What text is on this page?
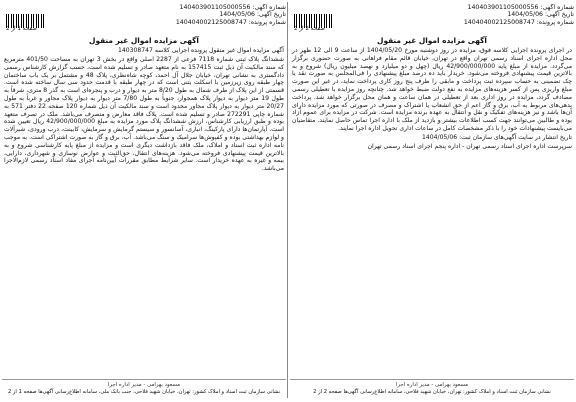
شماره آگهی: 140403901105000556
تاریخ آگهی: 1404/05/06
شماره پرونده: 140404002125008747
صفحه 1 از 2
آگهی مزایده اموال غیر منقول
آگهی مزایده اموال غیر منقول پرونده اجرایی کلاسه 140308747
ششدانگ پلاک ثبتی شماره 7118 فرعی از 2287 اصلی واقع در بخش 3 تهران به مساحت 401/50 مترمربع که سند مالکیت آن ذیل ثبت 157415 به نام متعهد صادر و تسلیم شده است، حسب گزارش کارشناس رسمی دادگستری به نشانی تهران، خیابان جلال آل احمد، کوچه شاه‌نظری، پلاک 48 و مشتمل بر یک باب ساختمان چهار طبقه روی زیرزمین با اسکلت بتنی است که در چهار طبقه با قدمت حدود سی سال ساخته شده است. قسمتی از این پلاک از طرف شمال به طول 8/20 متر به دیوار و درب و پنجره‌ای است به گذر 8 متری، شرقاً به طول 19 متر دیوار به دیوار پلاک همجوار، جنوباً به طول 7/80 متر دیوار به دیوار پلاک مجاور و غرباً به طول 20/27 متر دیوار به دیوار پلاک مجاور محدود است و سند مالکیت آن ذیل شماره 120 صفحه 22 دفتر 571 به شماره چاپی 272291 صادر و تسلیم شده است. پلاک فاقد معارض و متصرف می‌باشد. ملک در تصرف متعهد بوده و طبق ارزیابی کارشناس، ارزش ششدانگ پلاک مورد مزایده به مبلغ 42/900/000/000 ریال تعیین شده است. آپارتمان‌ها دارای پارکینگ، انباری، آسانسور و سیستم گرمایش و سرمایش، کابینت، درب ورودی، شیرآلات و لوازم بهداشتی بوده و کفپوش‌ها سرامیک و سنگ می‌باشد. آب، برق و گاز به صورت اشتراکی است. به موجب نامه اداره ثبت اسناد و املاک، ملک فاقد بازداشت دیگری است و مزایده از مبلغ پایه کارشناسی شروع و به بالاترین قیمت پیشنهادی فروخته می‌شود. هزینه‌های انتقال، حق‌الثبت و عوارض نوسازی و شهرداری، دارایی، بیمه و غیره به عهده خریدار است. سایر شرایط مطابق مقررات آیین‌نامه اجرای مفاد اسناد رسمی لازم‌الاجرا می‌باشد.
مسعود بهرامی - مدیر اداره اجرا
نشانی سازمان ثبت اسناد و املاک کشور: تهران، خیابان شهید فلاحی، جنب بانک ملی، سامانه اطلاع‌رسانی آگهی‌ها صفحه 1 از 2
شماره آگهی: 140403901105000556
تاریخ آگهی: 1404/05/06
شماره پرونده: 140404002125008747
صفحه 2 از 2
آگهی مزایده اموال غیر منقول
در اجرای پرونده اجرایی کلاسه فوق، مزایده در روز دوشنبه مورخ 1404/05/20 از ساعت 9 الی 12 ظهر در محل اداره اجرای اسناد رسمی تهران واقع در تهران، خیابان قائم مقام فراهانی به صورت حضوری برگزار می‌گردد. مزایده از مبلغ پایه 42/900/000/000 ریال (چهل و دو میلیارد و نهصد میلیون ریال) شروع و به بالاترین قیمت پیشنهادی فروخته می‌شود. خریدار باید ده درصد مبلغ پیشنهادی را فی‌المجلس به صورت نقد یا چک تضمینی به حساب سپرده ثبت پرداخت و مابقی را ظرف پنج روز کاری پرداخت نماید، در غیر این صورت مبلغ واریزی پس از کسر هزینه‌های مزایده به نفع دولت ضبط خواهد شد. چنانچه روز مزایده با تعطیلی رسمی مصادف گردد، مزایده در روز اداری بعد از تعطیلی در همان ساعت و همان محل برگزار خواهد شد. پرداخت بدهی‌های مربوط به آب، برق و گاز اعم از حق انشعاب یا اشتراک و مصرف در صورتی که مورد مزایده دارای آن‌ها باشد و نیز هزینه‌های تفکیک و نقل و انتقال به عهده برنده مزایده است. شرکت در مزایده برای عموم آزاد بوده و طالبین می‌توانند جهت کسب اطلاعات بیشتر و بازدید از ملک با اداره اجرا تماس حاصل نمایند. متقاضیان می‌بایست پیشنهادات خود را با ذکر مشخصات کامل در ساعات اداری تحویل اداره اجرا نمایند.
تاریخ انتشار در سایت آگهی‌های سازمان ثبت: 1404/05/06
سرپرست اداره اجرای اسناد رسمی تهران - اداره پنجم اجرای اسناد رسمی تهران
مسعود بهرامی - مدیر اداره اجرا
نشانی سازمان ثبت اسناد و املاک کشور: تهران، خیابان شهید فلاحی، سامانه اطلاع‌رسانی آگهی‌ها صفحه 2 از 2
